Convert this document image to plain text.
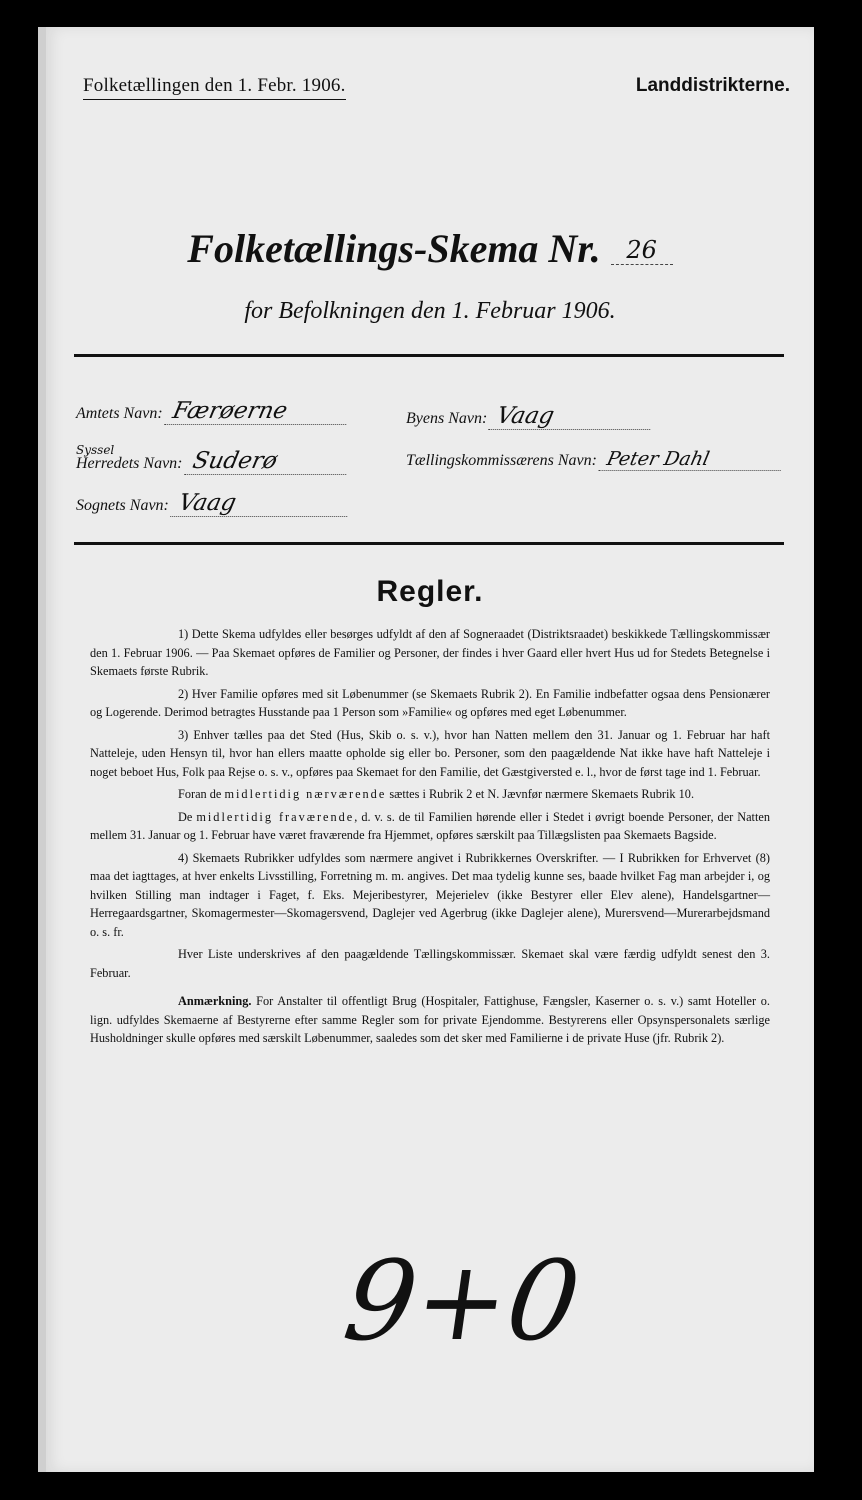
Folketællingen den 1. Febr. 1906.	Landdistrikterne.
Folketællings-Skema Nr. 26
for Befolkningen den 1. Februar 1906.
Amtets Navn: Færøerne	Byens Navn: Vaag
Syssel
Herredets Navn: Suderø	Tællingskommissærens Navn: Peter Dahl
Sognets Navn: Vaag
Regler.

1) Dette Skema udfyldes eller besørges udfyldt af den af Sogneraadet (Distriktsraadet) beskikkede Tællingskommissær den 1. Februar 1906. — Paa Skemaet opføres de Familier og Personer, der findes i hver Gaard eller hvert Hus ud for Stedets Betegnelse i Skemaets første Rubrik.

2) Hver Familie opføres med sit Løbenummer (se Skemaets Rubrik 2). En Familie indbefatter ogsaa dens Pensionærer og Logerende. Derimod betragtes Husstande paa 1 Person som »Familie« og opføres med eget Løbenummer.

3) Enhver tælles paa det Sted (Hus, Skib o. s. v.), hvor han Natten mellem den 31. Januar og 1. Februar har haft Natteleje, uden Hensyn til, hvor han ellers maatte opholde sig eller bo. Personer, som den paagældende Nat ikke have haft Natteleje i noget beboet Hus, Folk paa Rejse o. s. v., opføres paa Skemaet for den Familie, det Gæstgiversted e. l., hvor de først tage ind 1. Februar.

Foran de midlertidig nærværende sættes i Rubrik 2 et N. Jævnfør nærmere Skemaets Rubrik 10.

De midlertidig fraværende, d. v. s. de til Familien hørende eller i Stedet i øvrigt boende Personer, der Natten mellem 31. Januar og 1. Februar have været fraværende fra Hjemmet, opføres særskilt paa Tillægslisten paa Skemaets Bagside.

4) Skemaets Rubrikker udfyldes som nærmere angivet i Rubrikkernes Overskrifter. — I Rubrikken for Erhvervet (8) maa det iagttages, at hver enkelts Livsstilling, Forretning m. m. angives. Det maa tydelig kunne ses, baade hvilket Fag man arbejder i, og hvilken Stilling man indtager i Faget, f. Eks. Mejeribestyrer, Mejerielev (ikke Bestyrer eller Elev alene), Handelsgartner—Herregaardsgartner, Skomagermester—Skomagersvend, Daglejer ved Agerbrug (ikke Daglejer alene), Murersvend—Murerarbejdsmand o. s. fr.

Hver Liste underskrives af den paagældende Tællingskommissær. Skemaet skal være færdig udfyldt senest den 3. Februar.

Anmærkning. For Anstalter til offentligt Brug (Hospitaler, Fattighuse, Fængsler, Kaserner o. s. v.) samt Hoteller o. lign. udfyldes Skemaerne af Bestyrerne efter samme Regler som for private Ejendomme. Bestyrerens eller Opsynspersonalets særlige Husholdninger skulle opføres med særskilt Løbenummer, saaledes som det sker med Familierne i de private Huse (jfr. Rubrik 2).

9+0
